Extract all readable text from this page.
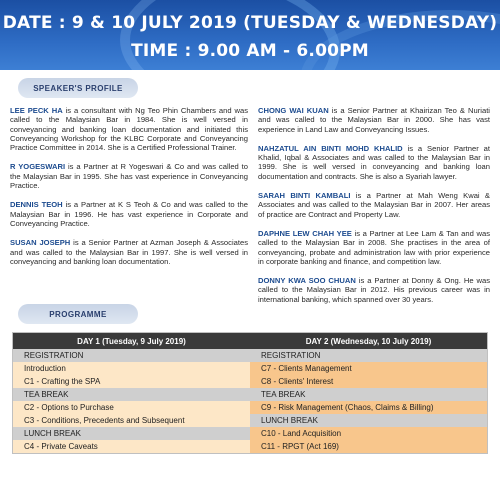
DATE : 9 & 10 JULY 2019 (TUESDAY & WEDNESDAY)
TIME : 9.00 AM - 6.00PM
SPEAKER'S PROFILE

LEE PECK HA is a consultant with Ng Teo Phin Chambers and was called to the Malaysian Bar in 1984. She is well versed in conveyancing and banking loan documentation and initiated this Conveyancing Workshop for the KLBC Corporate and Conveyancing Practice Committee in 2014. She is a Certified Professional Trainer.

R YOGESWARI is a Partner at R Yogeswari & Co and was called to the Malaysian Bar in 1995. She has vast experience in Conveyancing Practice.

DENNIS TEOH is a Partner at K S Teoh & Co and was called to the Malaysian Bar in 1996. He has vast experience in Corporate and Conveyancing Practice.

SUSAN JOSEPH is a Senior Partner at Azman Joseph & Associates and was called to the Malaysian Bar in 1997. She is well versed in conveyancing and banking loan documentation.

CHONG WAI KUAN is a Senior Partner at Khairizan Teo & Nuriati and was called to the Malaysian Bar in 2000. She has vast experience in Land Law and Conveyancing Issues.

NAHZATUL AIN BINTI MOHD KHALID is a Senior Partner at Khalid, Iqbal & Associates and was called to the Malaysian Bar in 1999. She is well versed in conveyancing and banking loan documentation and contracts. She is also a Syariah lawyer.

SARAH BINTI KAMBALI is a Partner at Mah Weng Kwai & Associates and was called to the Malaysian Bar in 2007. Her areas of practice are Contract and Property Law.

DAPHNE LEW CHAH YEE is a Partner at Lee Lam & Tan and was called to the Malaysian Bar in 2008. She practises in the area of conveyancing, probate and administration law with prior experience in corporate banking and finance, and competition law.

DONNY KWA SOO CHUAN is a Partner at Donny & Ong. He was called to the Malaysian Bar in 2012. His previous career was in international banking, which spanned over 30 years.

PROGRAMME
DAY 1 (Tuesday, 9 July 2019)	DAY 2 (Wednesday, 10 July 2019)
REGISTRATION	REGISTRATION
Introduction	C7 - Clients Management
C1 - Crafting the SPA	C8 - Clients' Interest
TEA BREAK	TEA BREAK
C2 - Options to Purchase	C9 - Risk Management (Chaos, Claims & Billing)
C3 - Conditions, Precedents and Subsequent	LUNCH BREAK
LUNCH BREAK	C10 - Land Acquisition
C4 - Private Caveats	C11 - RPGT (Act 169)
